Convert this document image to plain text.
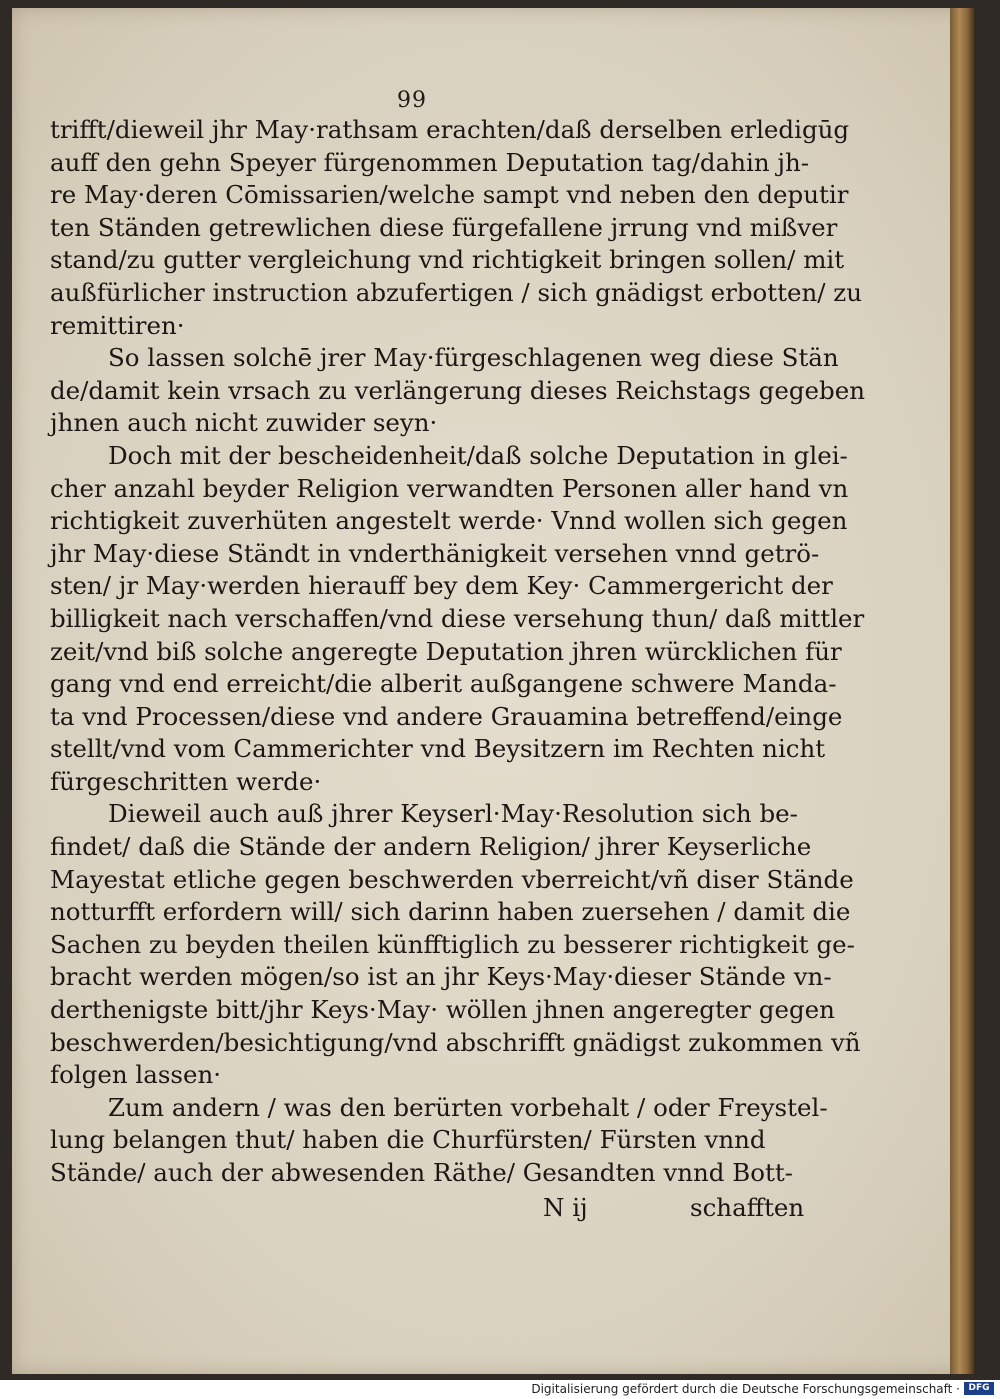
99
trifft/dieweil jhr May·rathsam erachten/daß derselben erledigūg
auff den gehn Speyer fürgenommen Deputation tag/dahin jh-
re May·deren Cōmissarien/welche sampt vnd neben den deputir
ten Ständen getrewlichen diese fürgefallene jrrung vnd mißver
stand/zu gutter vergleichung vnd richtigkeit bringen sollen/ mit
außfürlicher instruction abzufertigen / sich gnädigst erbotten/ zu
remittiren·
So lassen solchē jrer May·fürgeschlagenen weg diese Stän
de/damit kein vrsach zu verlängerung dieses Reichstags gegeben
jhnen auch nicht zuwider seyn·
Doch mit der bescheidenheit/daß solche Deputation in glei-
cher anzahl beyder Religion verwandten Personen aller hand vn
richtigkeit zuverhüten angestelt werde· Vnnd wollen sich gegen
jhr May·diese Ständt in vnderthänigkeit versehen vnnd getrö-
sten/ jr May·werden hierauff bey dem Key· Cammergericht der
billigkeit nach verschaffen/vnd diese versehung thun/ daß mittler
zeit/vnd biß solche angeregte Deputation jhren würcklichen für
gang vnd end erreicht/die alberit außgangene schwere Manda-
ta vnd Processen/diese vnd andere Grauamina betreffend/einge
stellt/vnd vom Cammerichter vnd Beysitzern im Rechten nicht
fürgeschritten werde·
Dieweil auch auß jhrer Keyserl·May·Resolution sich be-
findet/ daß die Stände der andern Religion/ jhrer Keyserliche
Mayestat etliche gegen beschwerden vberreicht/vñ diser Stände
notturfft erfordern will/ sich darinn haben zuersehen / damit die
Sachen zu beyden theilen künfftiglich zu besserer richtigkeit ge-
bracht werden mögen/so ist an jhr Keys·May·dieser Stände vn-
derthenigste bitt/jhr Keys·May· wöllen jhnen angeregter gegen
beschwerden/besichtigung/vnd abschrifft gnädigst zukommen vñ
folgen lassen·
Zum andern / was den berürten vorbehalt / oder Freystel-
lung belangen thut/ haben die Churfürsten/ Fürsten vnnd
Stände/ auch der abwesenden Räthe/ Gesandten vnnd Bott-
N ij	schafften
Digitalisierung gefördert durch die Deutsche Forschungsgemeinschaft · DFG
